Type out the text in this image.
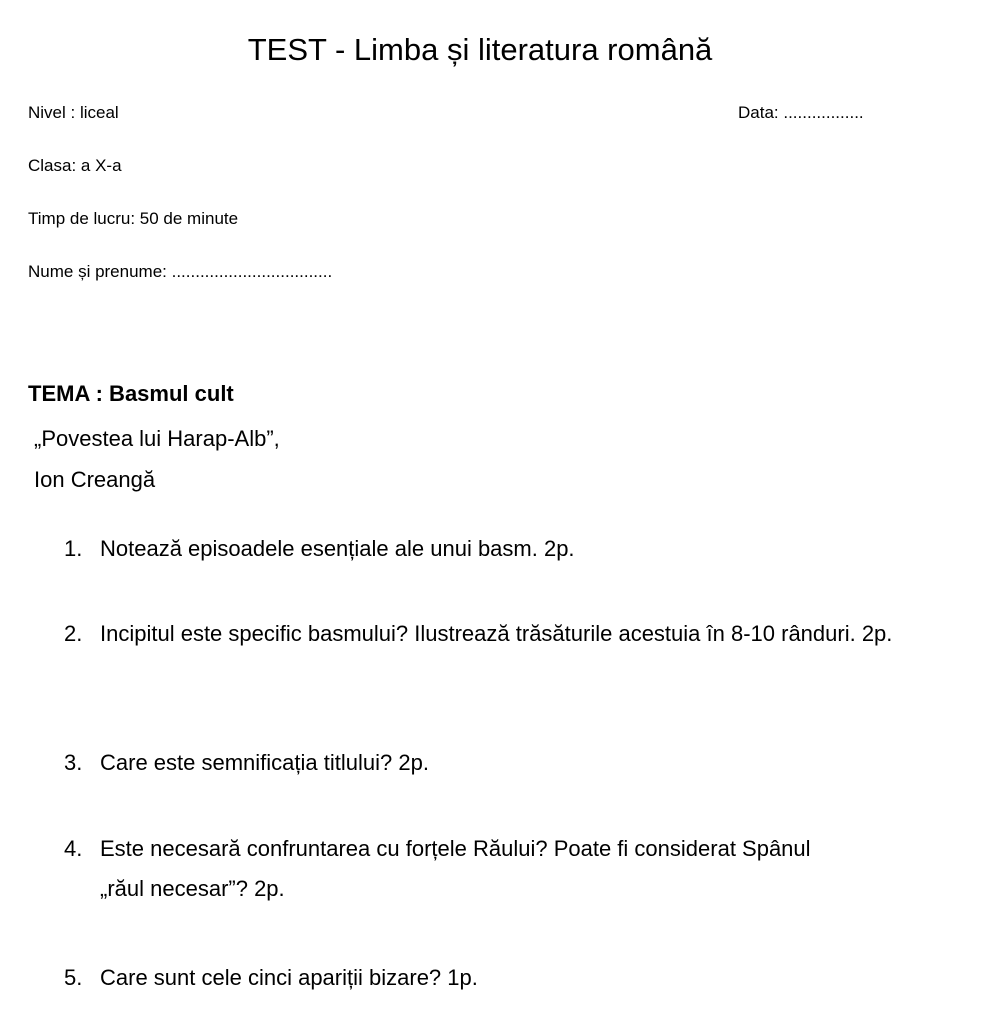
TEST - Limba și literatura română
Nivel : liceal	Data: .................
Clasa: a X-a
Timp de lucru: 50 de minute
Nume și prenume: ..................................
TEMA : Basmul cult
„Povestea lui Harap-Alb”,
Ion Creangă
1. Notează episoadele esențiale ale unui basm. 2p.
2. Incipitul este specific basmului? Ilustrează trăsăturile acestuia în 8-10 rânduri. 2p.
3. Care este semnificația titlului? 2p.
4. Este necesară confruntarea cu forțele Răului? Poate fi considerat Spânul „răul necesar”? 2p.
5. Care sunt cele cinci apariții bizare? 1p.
